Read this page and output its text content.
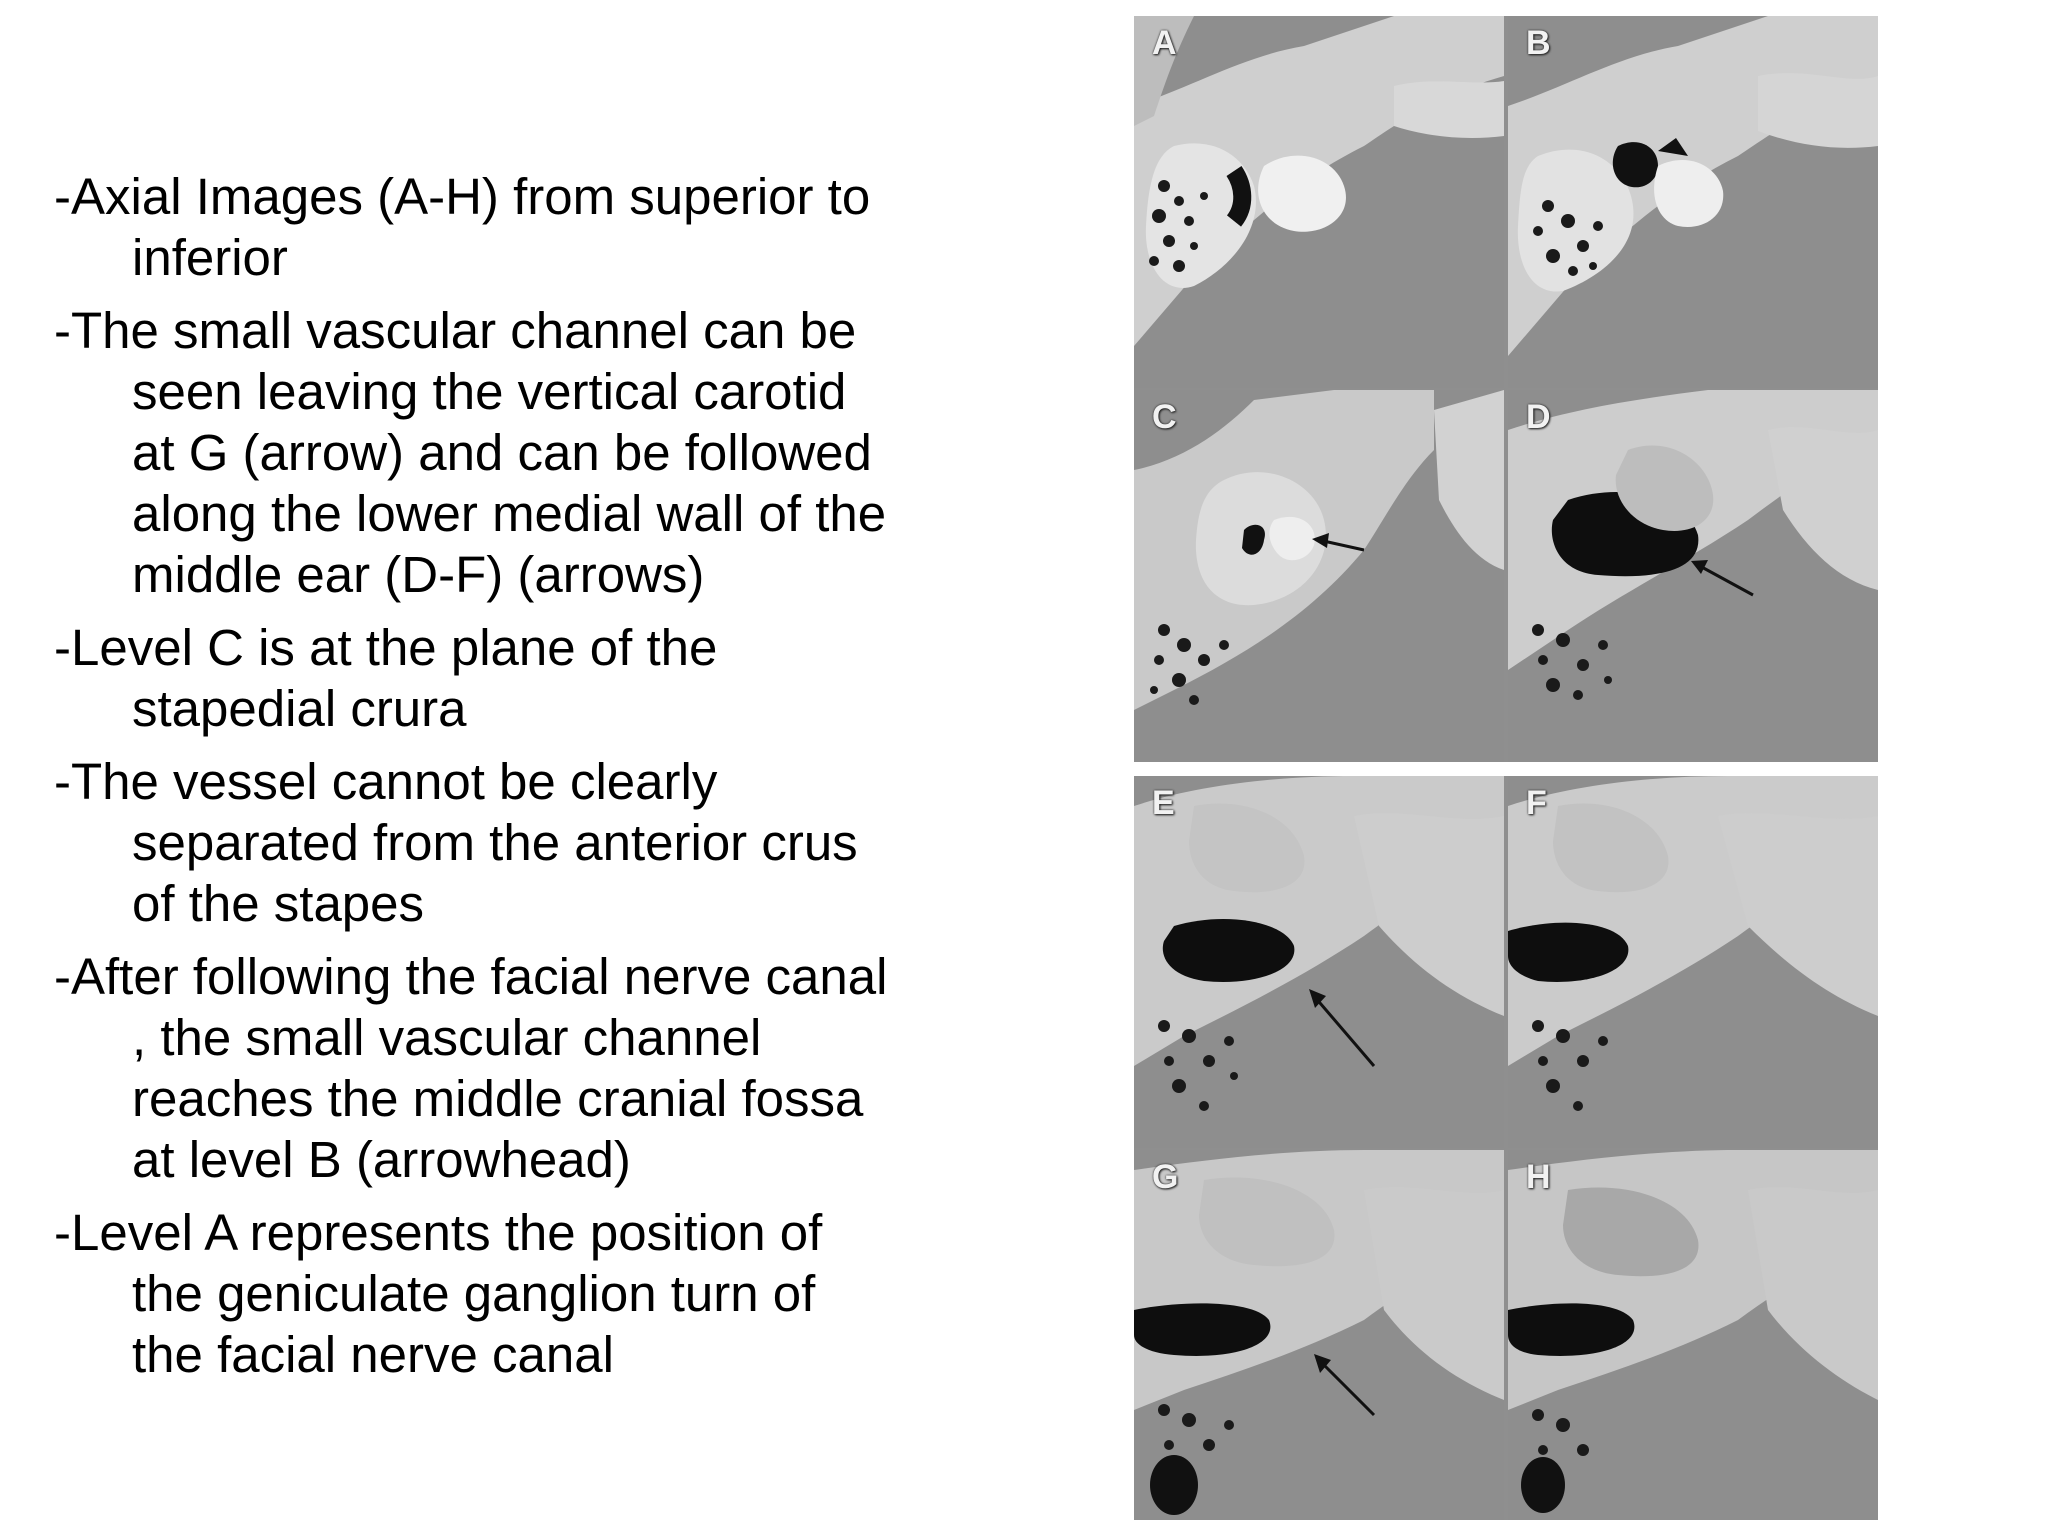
-Axial Images (A-H) from superior to
inferior

-The small vascular channel can be
seen leaving the vertical carotid
at G (arrow) and can be followed
along the lower medial wall of the
middle ear (D-F) (arrows)

-Level C is at the plane of the
stapedial crura

-The vessel cannot be clearly
separated from the anterior crus
of the stapes

-After following the facial nerve canal
, the small vascular channel
reaches the middle cranial fossa
at level B (arrowhead)

-Level A represents the position of
the geniculate ganglion turn of
the facial nerve canal

A	B
C	D
E	F
G	H
